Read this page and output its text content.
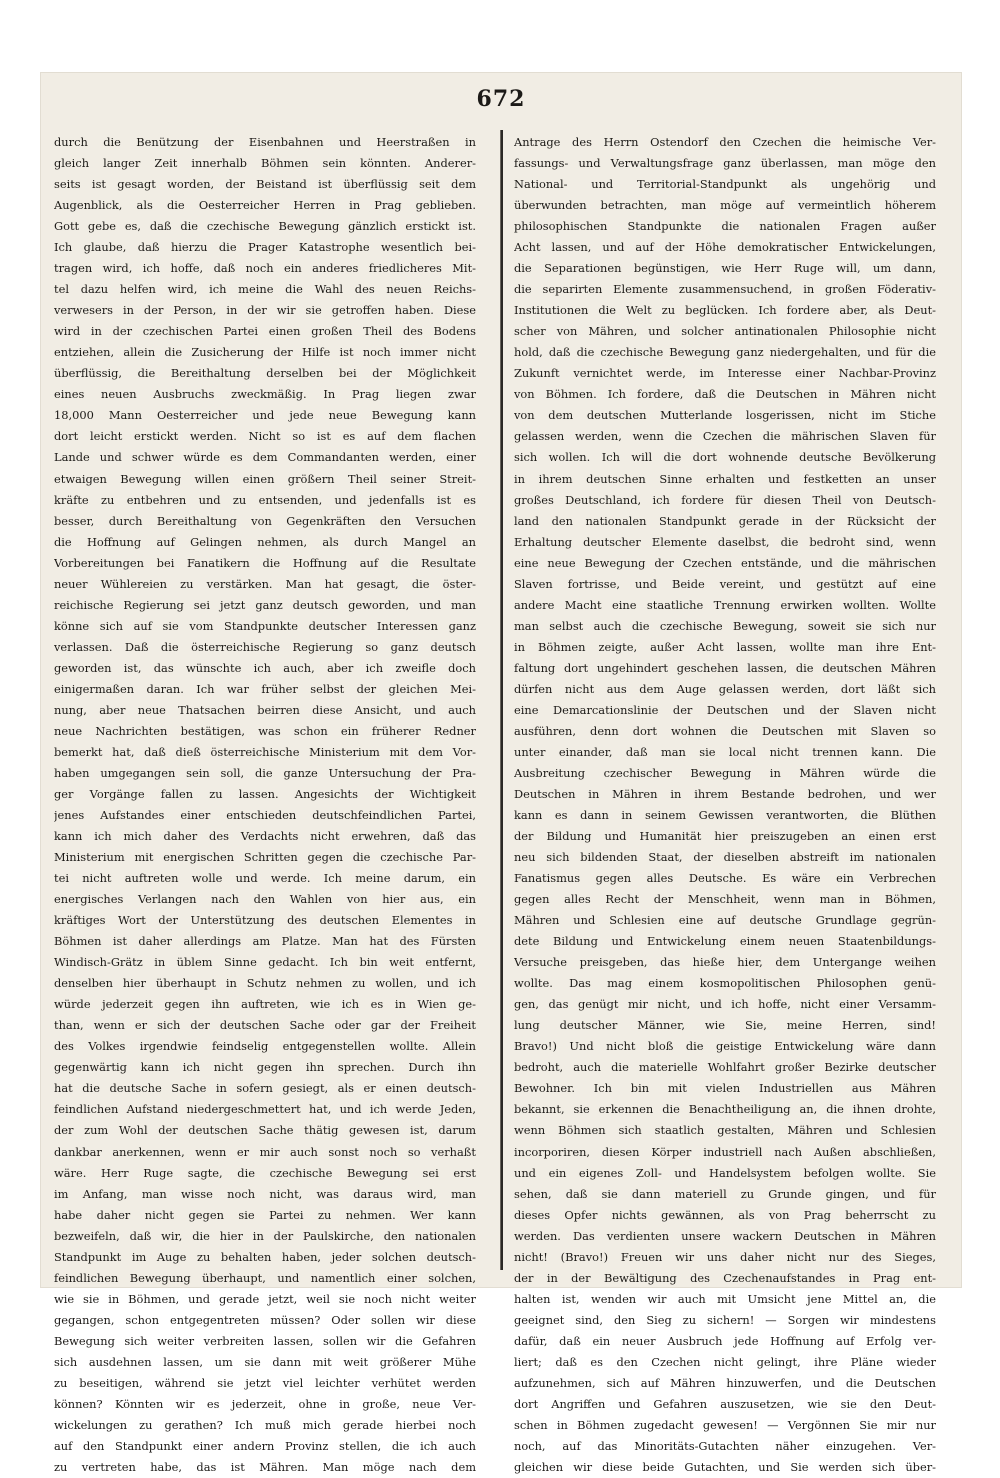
672
durch die Benützung der Eisenbahnen und Heerstraßen in
gleich langer Zeit innerhalb Böhmen sein könnten. Anderer-
seits ist gesagt worden, der Beistand ist überflüssig seit dem
Augenblick, als die Oesterreicher Herren in Prag geblieben.
Gott gebe es, daß die czechische Bewegung gänzlich erstickt ist.
Ich glaube, daß hierzu die Prager Katastrophe wesentlich bei-
tragen wird, ich hoffe, daß noch ein anderes friedlicheres Mit-
tel dazu helfen wird, ich meine die Wahl des neuen Reichs-
verwesers in der Person, in der wir sie getroffen haben. Diese
wird in der czechischen Partei einen großen Theil des Bodens
entziehen, allein die Zusicherung der Hilfe ist noch immer nicht
überflüssig, die Bereithaltung derselben bei der Möglichkeit
eines neuen Ausbruchs zweckmäßig. In Prag liegen zwar
18,000 Mann Oesterreicher und jede neue Bewegung kann
dort leicht erstickt werden. Nicht so ist es auf dem flachen
Lande und schwer würde es dem Commandanten werden, einer
etwaigen Bewegung willen einen größern Theil seiner Streit-
kräfte zu entbehren und zu entsenden, und jedenfalls ist es
besser, durch Bereithaltung von Gegenkräften den Versuchen
die Hoffnung auf Gelingen nehmen, als durch Mangel an
Vorbereitungen bei Fanatikern die Hoffnung auf die Resultate
neuer Wühlereien zu verstärken. Man hat gesagt, die öster-
reichische Regierung sei jetzt ganz deutsch geworden, und man
könne sich auf sie vom Standpunkte deutscher Interessen ganz
verlassen. Daß die österreichische Regierung so ganz deutsch
geworden ist, das wünschte ich auch, aber ich zweifle doch
einigermaßen daran. Ich war früher selbst der gleichen Mei-
nung, aber neue Thatsachen beirren diese Ansicht, und auch
neue Nachrichten bestätigen, was schon ein früherer Redner
bemerkt hat, daß dieß österreichische Ministerium mit dem Vor-
haben umgegangen sein soll, die ganze Untersuchung der Pra-
ger Vorgänge fallen zu lassen. Angesichts der Wichtigkeit
jenes Aufstandes einer entschieden deutschfeindlichen Partei,
kann ich mich daher des Verdachts nicht erwehren, daß das
Ministerium mit energischen Schritten gegen die czechische Par-
tei nicht auftreten wolle und werde. Ich meine darum, ein
energisches Verlangen nach den Wahlen von hier aus, ein
kräftiges Wort der Unterstützung des deutschen Elementes in
Böhmen ist daher allerdings am Platze. Man hat des Fürsten
Windisch-Grätz in üblem Sinne gedacht. Ich bin weit entfernt,
denselben hier überhaupt in Schutz nehmen zu wollen, und ich
würde jederzeit gegen ihn auftreten, wie ich es in Wien ge-
than, wenn er sich der deutschen Sache oder gar der Freiheit
des Volkes irgendwie feindselig entgegenstellen wollte. Allein
gegenwärtig kann ich nicht gegen ihn sprechen. Durch ihn
hat die deutsche Sache in sofern gesiegt, als er einen deutsch-
feindlichen Aufstand niedergeschmettert hat, und ich werde Jeden,
der zum Wohl der deutschen Sache thätig gewesen ist, darum
dankbar anerkennen, wenn er mir auch sonst noch so verhaßt
wäre. Herr Ruge sagte, die czechische Bewegung sei erst
im Anfang, man wisse noch nicht, was daraus wird, man
habe daher nicht gegen sie Partei zu nehmen. Wer kann
bezweifeln, daß wir, die hier in der Paulskirche, den nationalen
Standpunkt im Auge zu behalten haben, jeder solchen deutsch-
feindlichen Bewegung überhaupt, und namentlich einer solchen,
wie sie in Böhmen, und gerade jetzt, weil sie noch nicht weiter
gegangen, schon entgegentreten müssen? Oder sollen wir diese
Bewegung sich weiter verbreiten lassen, sollen wir die Gefahren
sich ausdehnen lassen, um sie dann mit weit größerer Mühe
zu beseitigen, während sie jetzt viel leichter verhütet werden
können? Könnten wir es jederzeit, ohne in große, neue Ver-
wickelungen zu gerathen? Ich muß mich gerade hierbei noch
auf den Standpunkt einer andern Provinz stellen, die ich auch
zu vertreten habe, das ist Mähren. Man möge nach dem
Antrage des Herrn Ostendorf den Czechen die heimische Ver-
fassungs- und Verwaltungsfrage ganz überlassen, man möge den
National- und Territorial-Standpunkt als ungehörig und
überwunden betrachten, man möge auf vermeintlich höherem
philosophischen Standpunkte die nationalen Fragen außer
Acht lassen, und auf der Höhe demokratischer Entwickelungen,
die Separationen begünstigen, wie Herr Ruge will, um dann,
die separirten Elemente zusammensuchend, in großen Föderativ-
Institutionen die Welt zu beglücken. Ich fordere aber, als Deut-
scher von Mähren, und solcher antinationalen Philosophie nicht
hold, daß die czechische Bewegung ganz niedergehalten, und für die
Zukunft vernichtet werde, im Interesse einer Nachbar-Provinz
von Böhmen. Ich fordere, daß die Deutschen in Mähren nicht
von dem deutschen Mutterlande losgerissen, nicht im Stiche
gelassen werden, wenn die Czechen die mährischen Slaven für
sich wollen. Ich will die dort wohnende deutsche Bevölkerung
in ihrem deutschen Sinne erhalten und festketten an unser
großes Deutschland, ich fordere für diesen Theil von Deutsch-
land den nationalen Standpunkt gerade in der Rücksicht der
Erhaltung deutscher Elemente daselbst, die bedroht sind, wenn
eine neue Bewegung der Czechen entstände, und die mährischen
Slaven fortrisse, und Beide vereint, und gestützt auf eine
andere Macht eine staatliche Trennung erwirken wollten. Wollte
man selbst auch die czechische Bewegung, soweit sie sich nur
in Böhmen zeigte, außer Acht lassen, wollte man ihre Ent-
faltung dort ungehindert geschehen lassen, die deutschen Mähren
dürfen nicht aus dem Auge gelassen werden, dort läßt sich
eine Demarcationslinie der Deutschen und der Slaven nicht
ausführen, denn dort wohnen die Deutschen mit Slaven so
unter einander, daß man sie local nicht trennen kann. Die
Ausbreitung czechischer Bewegung in Mähren würde die
Deutschen in Mähren in ihrem Bestande bedrohen, und wer
kann es dann in seinem Gewissen verantworten, die Blüthen
der Bildung und Humanität hier preiszugeben an einen erst
neu sich bildenden Staat, der dieselben abstreift im nationalen
Fanatismus gegen alles Deutsche. Es wäre ein Verbrechen
gegen alles Recht der Menschheit, wenn man in Böhmen,
Mähren und Schlesien eine auf deutsche Grundlage gegrün-
dete Bildung und Entwickelung einem neuen Staatenbildungs-
Versuche preisgeben, das hieße hier, dem Untergange weihen
wollte. Das mag einem kosmopolitischen Philosophen genü-
gen, das genügt mir nicht, und ich hoffe, nicht einer Versamm-
lung deutscher Männer, wie Sie, meine Herren, sind!
Bravo!) Und nicht bloß die geistige Entwickelung wäre dann
bedroht, auch die materielle Wohlfahrt großer Bezirke deutscher
Bewohner. Ich bin mit vielen Industriellen aus Mähren
bekannt, sie erkennen die Benachtheiligung an, die ihnen drohte,
wenn Böhmen sich staatlich gestalten, Mähren und Schlesien
incorporiren, diesen Körper industriell nach Außen abschließen,
und ein eigenes Zoll- und Handelsystem befolgen wollte. Sie
sehen, daß sie dann materiell zu Grunde gingen, und für
dieses Opfer nichts gewännen, als von Prag beherrscht zu
werden. Das verdienten unsere wackern Deutschen in Mähren
nicht! (Bravo!) Freuen wir uns daher nicht nur des Sieges,
der in der Bewältigung des Czechenaufstandes in Prag ent-
halten ist, wenden wir auch mit Umsicht jene Mittel an, die
geeignet sind, den Sieg zu sichern! — Sorgen wir mindestens
dafür, daß ein neuer Ausbruch jede Hoffnung auf Erfolg ver-
liert; daß es den Czechen nicht gelingt, ihre Pläne wieder
aufzunehmen, sich auf Mähren hinzuwerfen, und die Deutschen
dort Angriffen und Gefahren auszusetzen, wie sie den Deut-
schen in Böhmen zugedacht gewesen! — Vergönnen Sie mir nur
noch, auf das Minoritäts-Gutachten näher einzugehen. Ver-
gleichen wir diese beide Gutachten, und Sie werden sich über-
